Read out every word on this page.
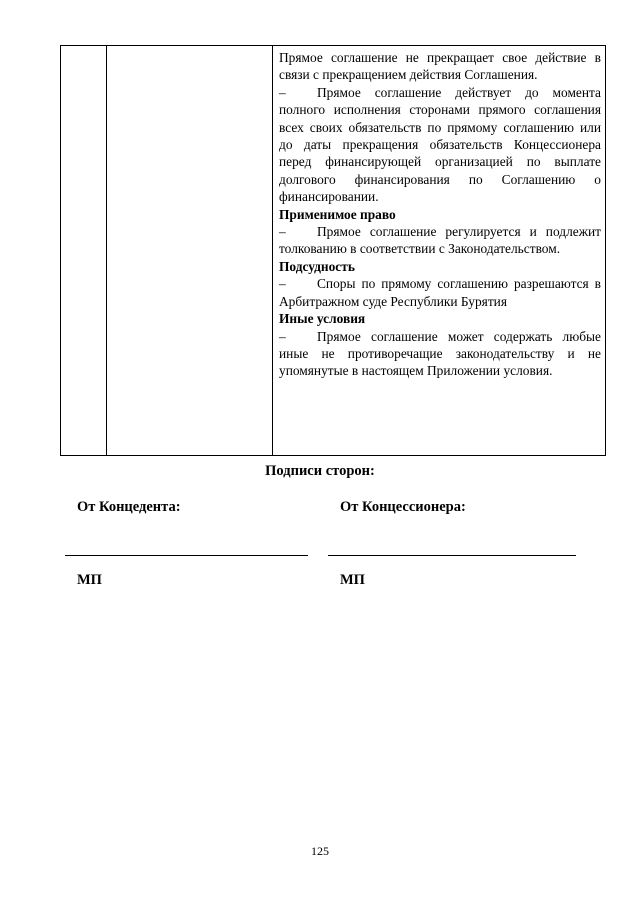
Прямое соглашение не прекращает свое действие в связи с прекращением действия Соглашения.

– Прямое соглашение действует до момента полного исполнения сторонами прямого соглашения всех своих обязательств по прямому соглашению или до даты прекращения обязательств Концессионера перед финансирующей организацией по выплате долгового финансирования по Соглашению о финансировании.

Применимое право

– Прямое соглашение регулируется и подлежит толкованию в соответствии с Законодательством.

Подсудность

– Споры по прямому соглашению разрешаются в Арбитражном суде Республики Бурятия

Иные условия

– Прямое соглашение может содержать любые иные не противоречащие законодательству и не упомянутые в настоящем Приложении условия.

Подписи сторон:
От Концедента:	От Концессионера:
МП	МП
125
